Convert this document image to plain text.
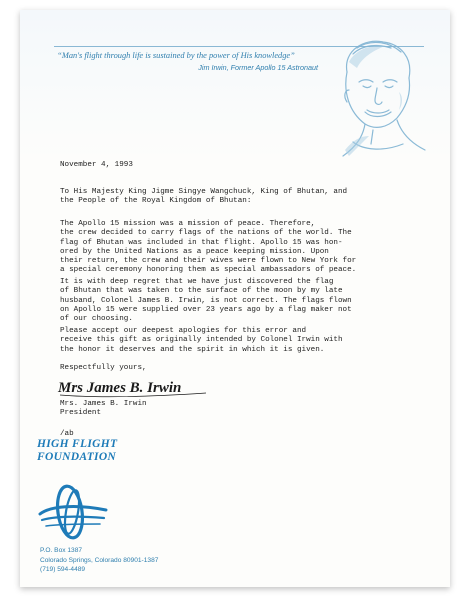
“Man's flight through life is sustained by the power of His knowledge”
Jim Irwin, Former Apollo 15 Astronaut
November 4, 1993
To His Majesty King Jigme Singye Wangchuck, King of Bhutan, and
the People of the Royal Kingdom of Bhutan:
The Apollo 15 mission was a mission of peace. Therefore,
the crew decided to carry flags of the nations of the world. The
flag of Bhutan was included in that flight. Apollo 15 was hon-
ored by the United Nations as a peace keeping mission. Upon
their return, the crew and their wives were flown to New York for
a special ceremony honoring them as special ambassadors of peace.
It is with deep regret that we have just discovered the flag
of Bhutan that was taken to the surface of the moon by my late
husband, Colonel James B. Irwin, is not correct. The flags flown
on Apollo 15 were supplied over 23 years ago by a flag maker not
of our choosing.
Please accept our deepest apologies for this error and
receive this gift as originally intended by Colonel Irwin with
the honor it deserves and the spirit in which it is given.
Respectfully yours,
Mrs James B. Irwin
Mrs. James B. Irwin
President
/ab
HIGH FLIGHT
FOUNDATION
P.O. Box 1387
Colorado Springs, Colorado 80901-1387
(719) 594-4489
